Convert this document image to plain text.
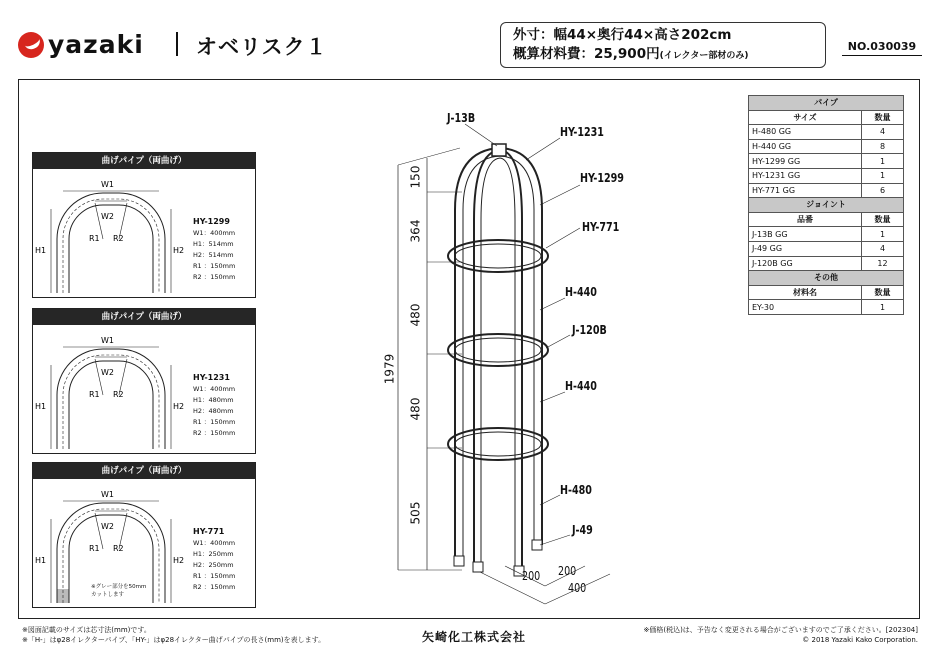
yazaki オベリスク１	外寸：幅44×奥行44×高さ202cm
概算材料費：25,900円(イレクター部材のみ)
NO.030039
曲げパイプ（両曲げ）
W1
W2
H1	H2
R1 R2
HY-1299
W1：400mm
H1：514mm
H2：514mm
R1 ：150mm
R2 ：150mm
曲げパイプ（両曲げ）
W1
W2
H1	H2
R1 R2
HY-1231
W1：400mm
H1：480mm
H2：480mm
R1 ：150mm
R2 ：150mm
曲げパイプ（両曲げ）
W1
W2
H1	H2
R1 R2
HY-771
W1：400mm
H1：250mm
H2：250mm
R1 ：150mm
R2 ：150mm
※グレー部分を50mm
カットします
J-13B
HY-1231
HY-1299
HY-771
H-440
J-120B
H-440
H-480
J-49
150
364
480
480
505
1979
200 200
400
パイプ	
サイズ	数量
H-480 GG	4
H-440 GG	8
HY-1299 GG	1
HY-1231 GG	1
HY-771 GG	6
ジョイント	
品番	数量
J-13B GG	1
J-49 GG	4
J-120B GG	12
その他	
材料名	数量
EY-30	1
※図面記載のサイズは芯寸法(mm)です。
※「H-」はφ28イレクターパイプ、「HY-」はφ28イレクター曲げパイプの長さ(mm)を表します。	矢崎化工株式会社	※価格(税込)は、予告なく変更される場合がございますのでご了承ください。[202304]
© 2018 Yazaki Kako Corporation.
